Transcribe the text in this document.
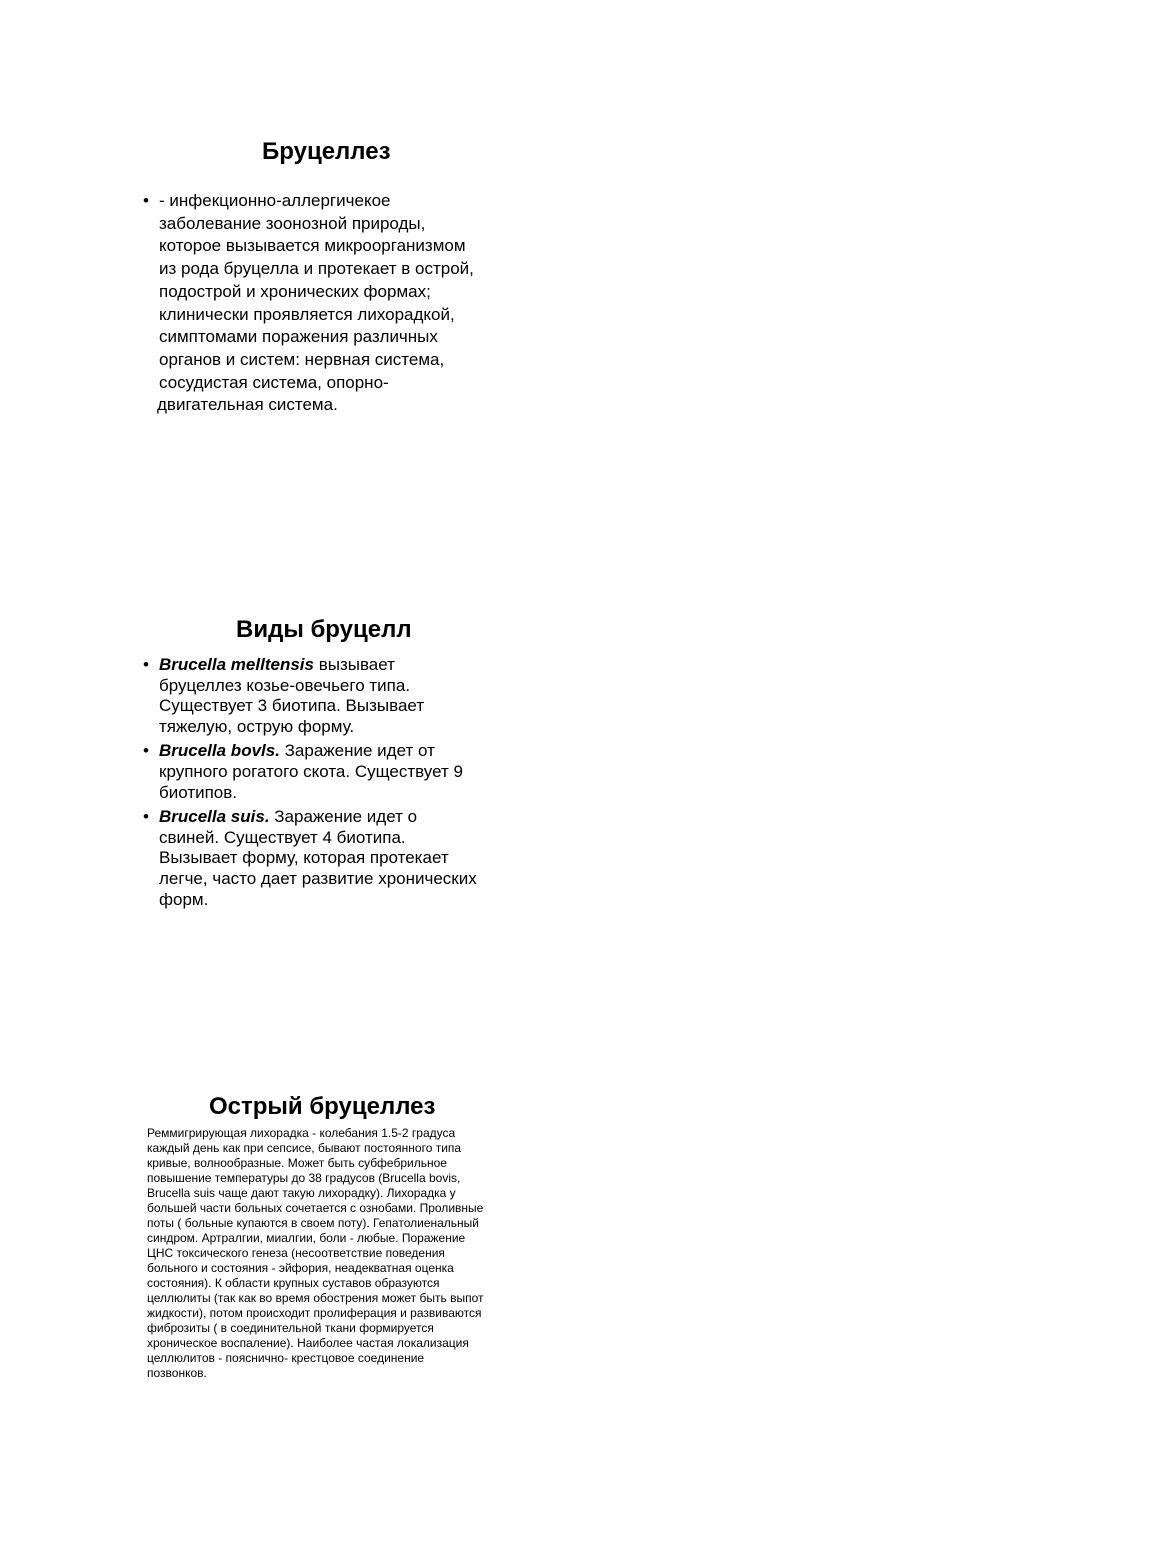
Бруцеллез
• - инфекционно-аллергичекое
заболевание зоонозной природы,
которое вызывается микроорганизмом
из рода бруцелла и протекает в острой,
подострой и хронических формах;
клинически проявляется лихорадкой,
симптомами поражения различных
органов и систем: нервная система,
сосудистая система, опорно-
двигательная система.
Виды бруцелл
• Brucella melltensis вызывает
бруцеллез козье-овечьего типа.
Существует 3 биотипа. Вызывает
тяжелую, острую форму.
• Brucella bovls. Заражение идет от
крупного рогатого скота. Существует 9
биотипов.
• Brucella suis. Заражение идет о
свиней. Существует 4 биотипа.
Вызывает форму, которая протекает
легче, часто дает развитие хронических
форм.
Острый бруцеллез
Реммигрирующая лихорадка - колебания 1.5-2 градуса
каждый день как при сепсисе, бывают постоянного типа
кривые, волнообразные. Может быть субфебрильное
повышение температуры до 38 градусов (Brucella bovis,
Brucella suis чаще дают такую лихорадку). Лихорадка у
большей части больных сочетается с ознобами. Проливные
поты ( больные купаются в своем поту). Гепатолиенальный
синдром. Артралгии, миалгии, боли - любые. Поражение
ЦНС токсического генеза (несоответствие поведения
больного и состояния - эйфория, неадекватная оценка
состояния). К области крупных суставов образуются
целлюлиты (так как во время обострения может быть выпот
жидкости), потом происходит пролиферация и развиваются
фиброзиты ( в соединительной ткани формируется
хроническое воспаление). Наиболее частая локализация
целлюлитов - пояснично- крестцовое соединение
позвонков.
